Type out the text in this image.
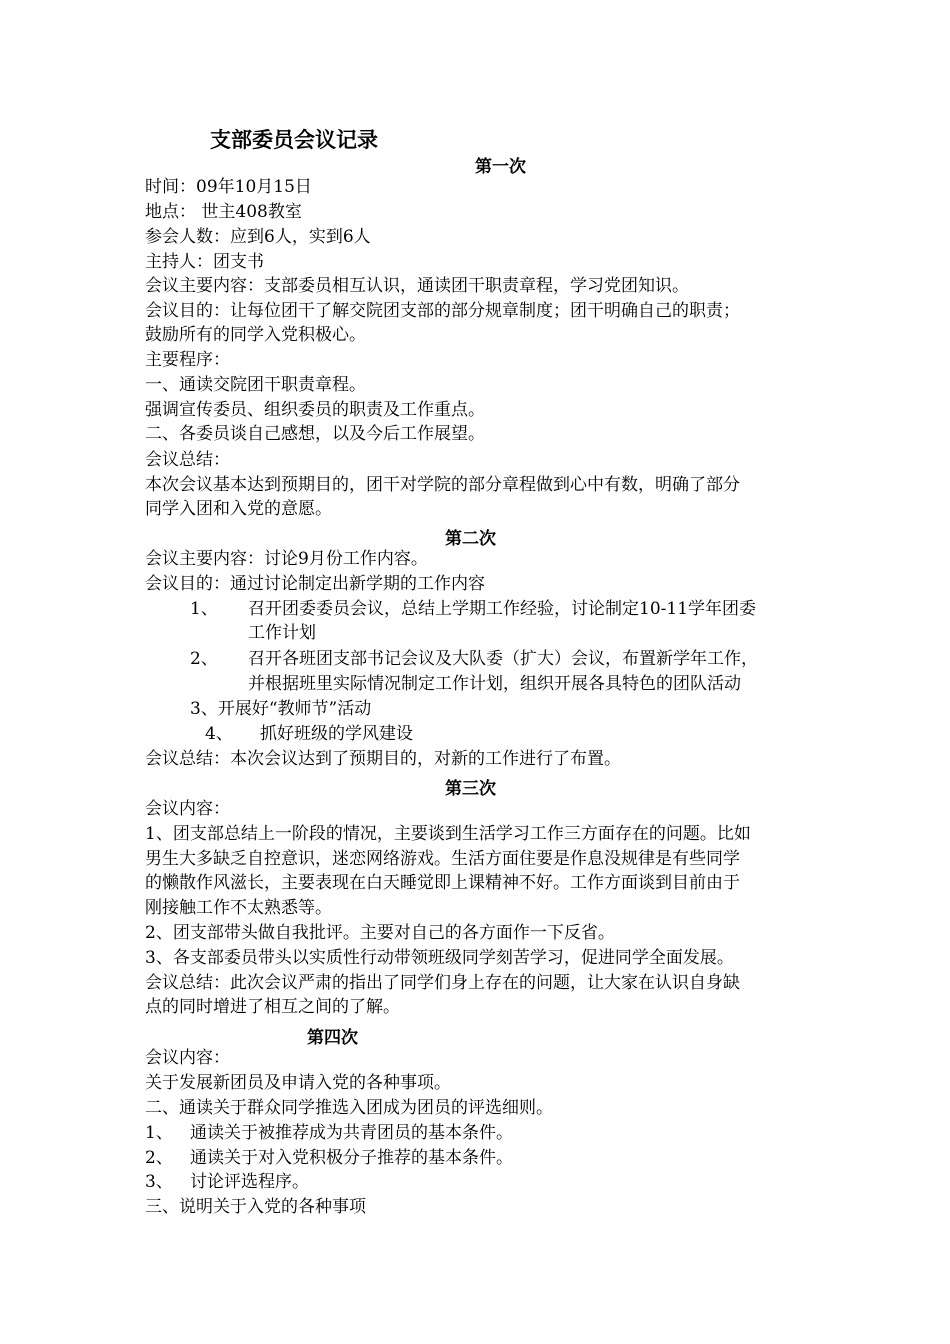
支部委员会议记录
第一次
时间：09年10月15日
地点： 世主408教室
参会人数：应到6人，实到6人
主持人：团支书
会议主要内容：支部委员相互认识，通读团干职责章程，学习党团知识。
会议目的：让每位团干了解交院团支部的部分规章制度；团干明确自己的职责；
鼓励所有的同学入党积极心。
主要程序：
一、通读交院团干职责章程。
强调宣传委员、组织委员的职责及工作重点。
二、各委员谈自己感想，以及今后工作展望。
会议总结：
本次会议基本达到预期目的，团干对学院的部分章程做到心中有数，明确了部分
同学入团和入党的意愿。
第二次
会议主要内容：讨论9月份工作内容。
会议目的：通过讨论制定出新学期的工作内容
1、 召开团委委员会议，总结上学期工作经验，讨论制定10-11学年团委
工作计划
2、 召开各班团支部书记会议及大队委（扩大）会议，布置新学年工作，
并根据班里实际情况制定工作计划，组织开展各具特色的团队活动
3、开展好“教师节”活动
4、 抓好班级的学风建设
会议总结：本次会议达到了预期目的，对新的工作进行了布置。
第三次
会议内容：
1、团支部总结上一阶段的情况，主要谈到生活学习工作三方面存在的问题。比如
男生大多缺乏自控意识，迷恋网络游戏。生活方面住要是作息没规律是有些同学
的懒散作风滋长，主要表现在白天睡觉即上课精神不好。工作方面谈到目前由于
刚接触工作不太熟悉等。
2、团支部带头做自我批评。主要对自己的各方面作一下反省。
3、各支部委员带头以实质性行动带领班级同学刻苦学习，促进同学全面发展。
会议总结：此次会议严肃的指出了同学们身上存在的问题，让大家在认识自身缺
点的同时增进了相互之间的了解。
第四次
会议内容：
关于发展新团员及申请入党的各种事项。
二、通读关于群众同学推选入团成为团员的评选细则。
1、 通读关于被推荐成为共青团员的基本条件。
2、 通读关于对入党积极分子推荐的基本条件。
3、 讨论评选程序。
三、说明关于入党的各种事项
